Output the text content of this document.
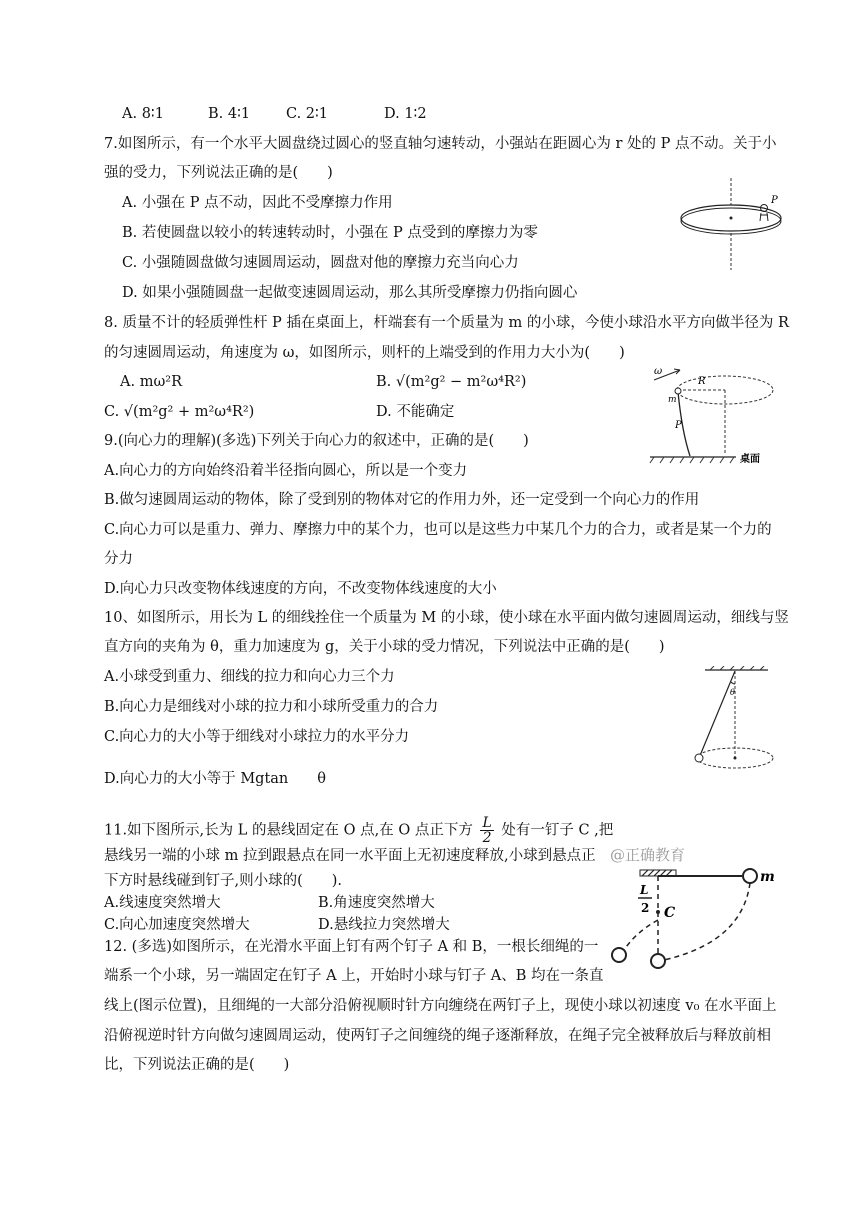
A. 8∶1	B. 4∶1 C. 2∶1	D. 1∶2
7.如图所示，有一个水平大圆盘绕过圆心的竖直轴匀速转动，小强站在距圆心为 r 处的 P 点不动。关于小
强的受力，下列说法正确的是(　　)
A. 小强在 P 点不动，因此不受摩擦力作用
B. 若使圆盘以较小的转速转动时，小强在 P 点受到的摩擦力为零
C. 小强随圆盘做匀速圆周运动，圆盘对他的摩擦力充当向心力
D. 如果小强随圆盘一起做变速圆周运动，那么其所受摩擦力仍指向圆心
P
8. 质量不计的轻质弹性杆 P 插在桌面上，杆端套有一个质量为 m 的小球，今使小球沿水平方向做半径为 R
的匀速圆周运动，角速度为 ω，如图所示，则杆的上端受到的作用力大小为(　　)
A. mω²R	B. √(m²g² − m²ω⁴R²)
C. √(m²g² + m²ω⁴R²)	D. 不能确定
ω
R
m
P
桌面
9.(向心力的理解)(多选)下列关于向心力的叙述中，正确的是(　　)
A.向心力的方向始终沿着半径指向圆心，所以是一个变力
B.做匀速圆周运动的物体，除了受到别的物体对它的作用力外，还一定受到一个向心力的作用
C.向心力可以是重力、弹力、摩擦力中的某个力，也可以是这些力中某几个力的合力，或者是某一个力的
分力
D.向心力只改变物体线速度的方向，不改变物体线速度的大小
10、如图所示，用长为 L 的细线拴住一个质量为 M 的小球，使小球在水平面内做匀速圆周运动，细线与竖
直方向的夹角为 θ，重力加速度为 g，关于小球的受力情况，下列说法中正确的是(　　)
A.小球受到重力、细线的拉力和向心力三个力
B.向心力是细线对小球的拉力和小球所受重力的合力
C.向心力的大小等于细线对小球拉力的水平分力
D.向心力的大小等于 Mgtan　　θ
θ
11.如下图所示,长为 L 的悬线固定在 O 点,在 O 点正下方 $\frac{L}{2}$ 处有一钉子 C ,把
悬线另一端的小球 m 拉到跟悬点在同一水平面上无初速度释放,小球到悬点正
下方时悬线碰到钉子,则小球的(　　).
A.线速度突然增大	B.角速度突然增大
C.向心加速度突然增大	D.悬线拉力突然增大
@正确教育
m
L
2 C
12. (多选)如图所示，在光滑水平面上钉有两个钉子 A 和 B，一根长细绳的一
端系一个小球，另一端固定在钉子 A 上，开始时小球与钉子 A、B 均在一条直
线上(图示位置)，且细绳的一大部分沿俯视顺时针方向缠绕在两钉子上，现使小球以初速度 v₀ 在水平面上
沿俯视逆时针方向做匀速圆周运动，使两钉子之间缠绕的绳子逐渐释放，在绳子完全被释放后与释放前相
比，下列说法正确的是(　　)
